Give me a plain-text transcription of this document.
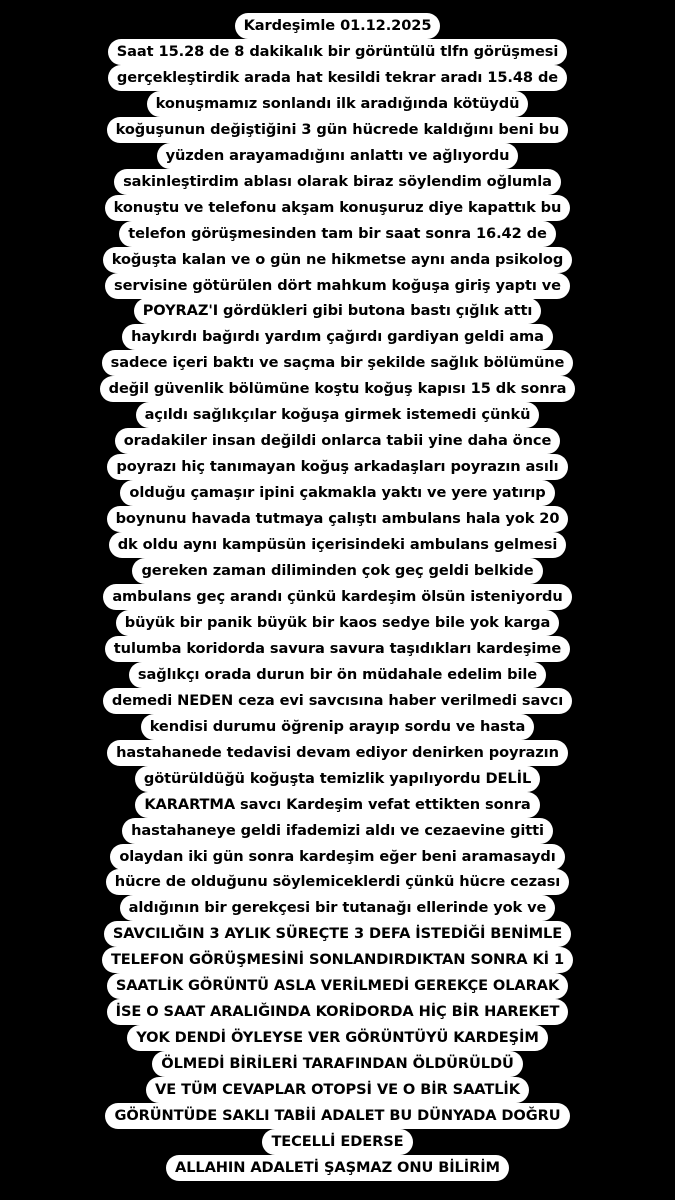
Kardeşimle 01.12.2025
Saat 15.28 de 8 dakikalık bir görüntülü tlfn görüşmesi
gerçekleştirdik arada hat kesildi tekrar aradı 15.48 de
konuşmamız sonlandı ilk aradığında kötüydü
koğuşunun değiştiğini 3 gün hücrede kaldığını beni bu
yüzden arayamadığını anlattı ve ağlıyordu
sakinleştirdim ablası olarak biraz söylendim oğlumla
konuştu ve telefonu akşam konuşuruz diye kapattık bu
telefon görüşmesinden tam bir saat sonra 16.42 de
koğuşta kalan ve o gün ne hikmetse aynı anda psikolog
servisine götürülen dört mahkum koğuşa giriş yaptı ve
POYRAZ'I gördükleri gibi butona bastı çığlık attı
haykırdı bağırdı yardım çağırdı gardiyan geldi ama
sadece içeri baktı ve saçma bir şekilde sağlık bölümüne
değil güvenlik bölümüne koştu koğuş kapısı 15 dk sonra
açıldı sağlıkçılar koğuşa girmek istemedi çünkü
oradakiler insan değildi onlarca tabii yine daha önce
poyrazı hiç tanımayan koğuş arkadaşları poyrazın asılı
olduğu çamaşır ipini çakmakla yaktı ve yere yatırıp
boynunu havada tutmaya çalıştı ambulans hala yok 20
dk oldu aynı kampüsün içerisindeki ambulans gelmesi
gereken zaman diliminden çok geç geldi belkide
ambulans geç arandı çünkü kardeşim ölsün isteniyordu
büyük bir panik büyük bir kaos sedye bile yok karga
tulumba koridorda savura savura taşıdıkları kardeşime
sağlıkçı orada durun bir ön müdahale edelim bile
demedi NEDEN ceza evi savcısına haber verilmedi savcı
kendisi durumu öğrenip arayıp sordu ve hasta
hastahanede tedavisi devam ediyor denirken poyrazın
götürüldüğü koğuşta temizlik yapılıyordu DELİL
KARARTMA savcı Kardeşim vefat ettikten sonra
hastahaneye geldi ifademizi aldı ve cezaevine gitti
olaydan iki gün sonra kardeşim eğer beni aramasaydı
hücre de olduğunu söylemiceklerdi çünkü hücre cezası
aldığının bir gerekçesi bir tutanağı ellerinde yok ve
SAVCILIĞIN 3 AYLIK SÜREÇTE 3 DEFA İSTEDİĞİ BENİMLE
TELEFON GÖRÜŞMESİNİ SONLANDIRDIKTAN SONRA Kİ 1
SAATLİK GÖRÜNTÜ ASLA VERİLMEDİ GEREKÇE OLARAK
İSE O SAAT ARALIĞINDA KORİDORDA HİÇ BİR HAREKET
YOK DENDİ ÖYLEYSE VER GÖRÜNTÜYÜ KARDEŞİM
ÖLMEDİ BİRİLERİ TARAFINDAN ÖLDÜRÜLDÜ
VE TÜM CEVAPLAR OTOPSİ VE O BİR SAATLİK
GÖRÜNTÜDE SAKLI TABİİ ADALET BU DÜNYADA DOĞRU
TECELLİ EDERSE
ALLAHIN ADALETİ ŞAŞMAZ ONU BİLİRİM
